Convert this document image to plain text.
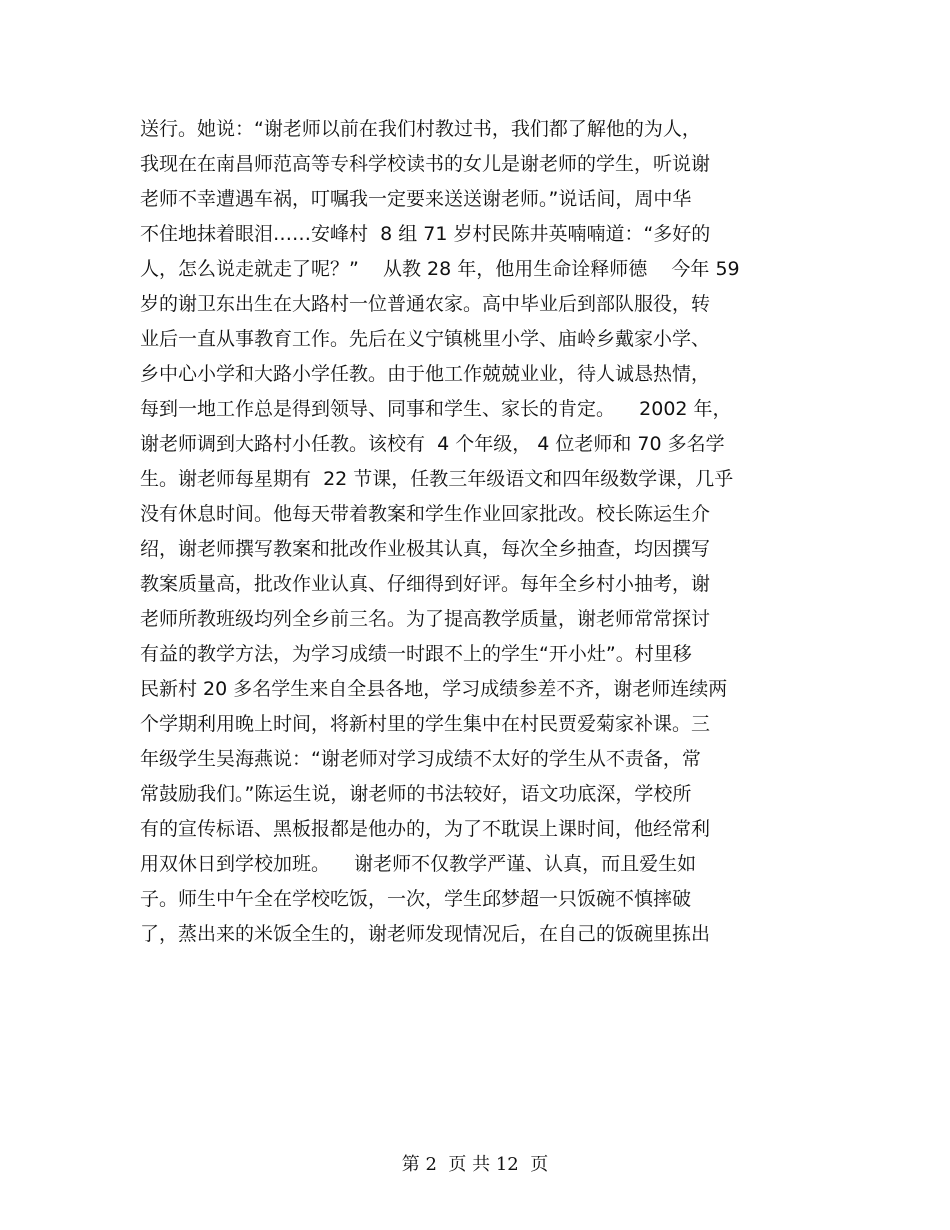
送行。她说：“谢老师以前在我们村教过书，我们都了解他的为人，
我现在在南昌师范高等专科学校读书的女儿是谢老师的学生，听说谢
老师不幸遭遇车祸，叮嘱我一定要来送送谢老师。”说话间，周中华
不住地抹着眼泪……安峰村  8 组 71 岁村民陈井英喃喃道：“多好的
人，怎么说走就走了呢？”    从教 28 年，他用生命诠释师德    今年 59
岁的谢卫东出生在大路村一位普通农家。高中毕业后到部队服役，转
业后一直从事教育工作。先后在义宁镇桃里小学、庙岭乡戴家小学、
乡中心小学和大路小学任教。由于他工作兢兢业业，待人诚恳热情，
每到一地工作总是得到领导、同事和学生、家长的肯定。    2002 年，
谢老师调到大路村小任教。该校有  4 个年级， 4 位老师和 70 多名学
生。谢老师每星期有  22 节课，任教三年级语文和四年级数学课，几乎
没有休息时间。他每天带着教案和学生作业回家批改。校长陈运生介
绍，谢老师撰写教案和批改作业极其认真，每次全乡抽查，均因撰写
教案质量高，批改作业认真、仔细得到好评。每年全乡村小抽考，谢
老师所教班级均列全乡前三名。为了提高教学质量，谢老师常常探讨
有益的教学方法，为学习成绩一时跟不上的学生“开小灶”。村里移
民新村 20 多名学生来自全县各地，学习成绩参差不齐，谢老师连续两
个学期利用晚上时间，将新村里的学生集中在村民贾爱菊家补课。三
年级学生吴海燕说：“谢老师对学习成绩不太好的学生从不责备，常
常鼓励我们。”陈运生说，谢老师的书法较好，语文功底深，学校所
有的宣传标语、黑板报都是他办的，为了不耽误上课时间，他经常利
用双休日到学校加班。    谢老师不仅教学严谨、认真，而且爱生如
子。师生中午全在学校吃饭，一次，学生邱梦超一只饭碗不慎摔破
了，蒸出来的米饭全生的，谢老师发现情况后，在自己的饭碗里拣出
第 2  页 共 12  页
